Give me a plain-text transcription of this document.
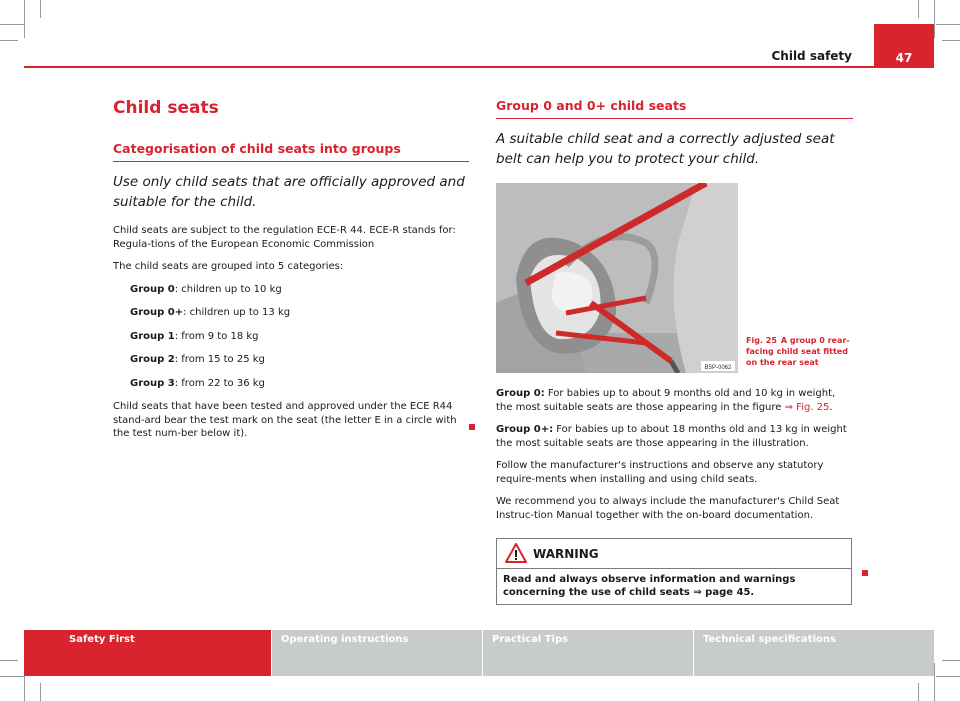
Child safety	47
Child seats
Categorisation of child seats into groups
Use only child seats that are officially approved and suitable for the child.

Child seats are subject to the regulation ECE-R 44. ECE-R stands for: Regula-tions of the European Economic Commission

The child seats are grouped into 5 categories:

Group 0: children up to 10 kg
Group 0+: children up to 13 kg
Group 1: from 9 to 18 kg
Group 2: from 15 to 25 kg
Group 3: from 22 to 36 kg

Child seats that have been tested and approved under the ECE R44 stand-ard bear the test mark on the seat (the letter E in a circle with the test num-ber below it).

Group 0 and 0+ child seats
A suitable child seat and a correctly adjusted seat belt can help you to protect your child.
B5P-0062
Fig. 25 A group 0 rear-facing child seat fitted on the rear seat

Group 0: For babies up to about 9 months old and 10 kg in weight, the most suitable seats are those appearing in the figure ⇒ Fig. 25.

Group 0+: For babies up to about 18 months old and 13 kg in weight the most suitable seats are those appearing in the illustration.

Follow the manufacturer's instructions and observe any statutory require-ments when installing and using child seats.

We recommend you to always include the manufacturer's Child Seat Instruc-tion Manual together with the on-board documentation.

WARNING
Read and always observe information and warnings concerning the use of child seats ⇒ page 45.
Safety First	Operating instructions	Practical Tips	Technical specifications
